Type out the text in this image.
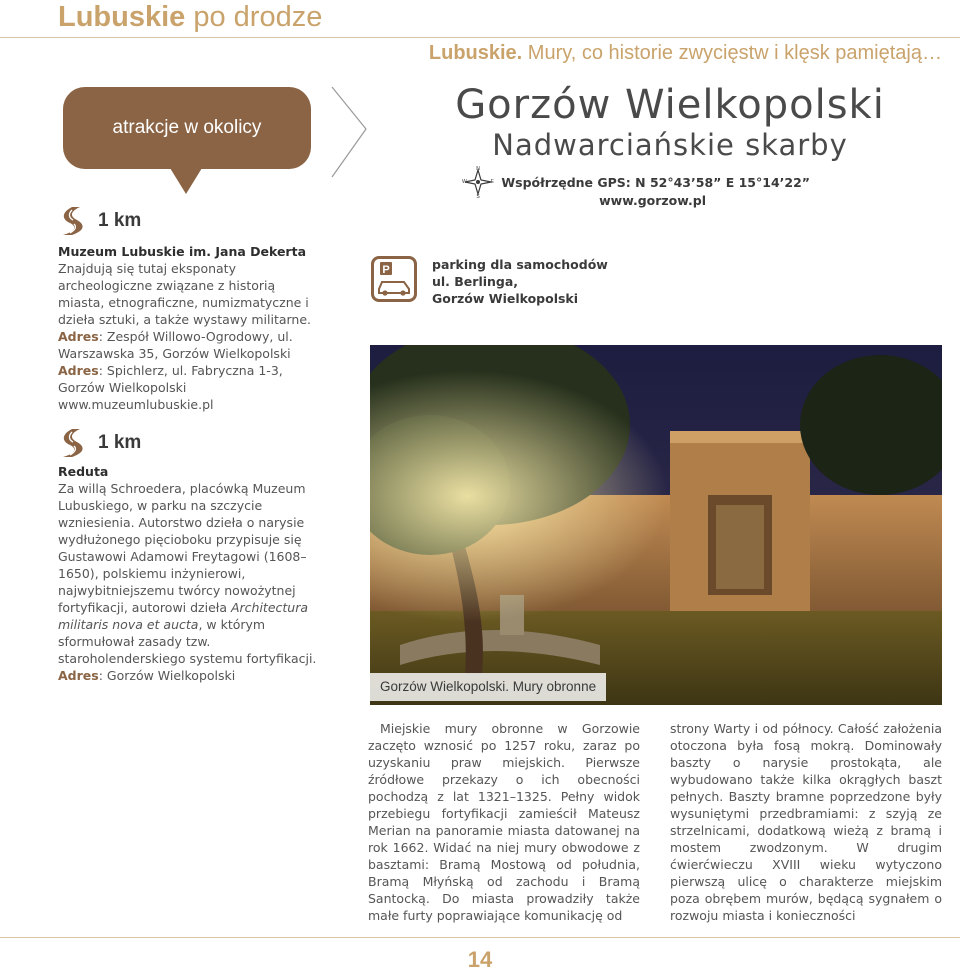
Lubuskie po drodze
Lubuskie. Mury, co historie zwycięstw i klęsk pamiętają…
atrakcje w okolicy
1 km
Muzeum Lubuskie im. Jana Dekerta
Znajdują się tutaj eksponaty archeologiczne związane z historią miasta, etnograficzne, numizmatyczne i dzieła sztuki, a także wystawy militarne.
Adres: Zespół Willowo-Ogrodowy, ul. Warszawska 35, Gorzów Wielkopolski
Adres: Spichlerz, ul. Fabryczna 1-3, Gorzów Wielkopolski
www.muzeumlubuskie.pl
1 km
Reduta
Za willą Schroedera, placówką Muzeum Lubuskiego, w parku na szczycie wzniesienia. Autorstwo dzieła o narysie wydłużonego pięcioboku przypisuje się Gustawowi Adamowi Freytagowi (1608–1650), polskiemu inżynierowi, najwybitniejszemu twórcy nowożytnej fortyfikacji, autorowi dzieła Architectura militaris nova et aucta, w którym sformułował zasady tzw. staroholenderskiego systemu fortyfikacji.
Adres: Gorzów Wielkopolski
Gorzów Wielkopolski
Nadwarciańskie skarby
N
S
E
W	Współrzędne GPS: N 52°43’58” E 15°14’22”
www.gorzow.pl
P	parking dla samochodów
ul. Berlinga,
Gorzów Wielkopolski
Gorzów Wielkopolski. Mury obronne
Miejskie mury obronne w Gorzowie zaczęto wznosić po 1257 roku, zaraz po uzyskaniu praw miejskich. Pierwsze źródłowe przekazy o ich obecności pochodzą z lat 1321–1325. Pełny widok przebiegu fortyfikacji zamieścił Mateusz Merian na panoramie miasta datowanej na rok 1662. Widać na niej mury obwodowe z basztami: Bramą Mostową od południa, Bramą Młyńską od zachodu i Bramą Santocką. Do miasta prowadziły także małe furty poprawiające komunikację od
strony Warty i od północy. Całość założenia otoczona była fosą mokrą. Dominowały baszty o narysie prostokąta, ale wybudowano także kilka okrągłych baszt pełnych. Baszty bramne poprzedzone były wysuniętymi przedbramiami: z szyją ze strzelnicami, dodatkową wieżą z bramą i mostem zwodzonym. W drugim ćwierćwieczu XVIII wieku wytyczono pierwszą ulicę o charakterze miejskim poza obrębem murów, będącą sygnałem o rozwoju miasta i konieczności
14
